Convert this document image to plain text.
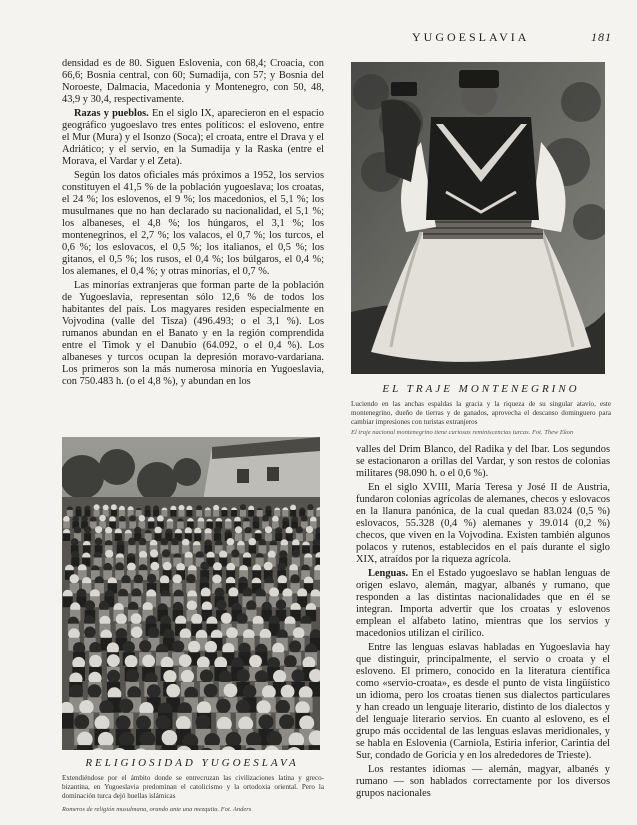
YUGOESLAVIA	181

densidad es de 80. Siguen Eslovenia, con 68,4; Croacia, con 66,6; Bosnia central, con 60; Sumadija, con 57; y Bosnia del Noroeste, Dalmacia, Macedonia y Montenegro, con 50, 48, 43,9 y 30,4, respectivamente.

Razas y pueblos. En el siglo IX, aparecieron en el espacio geográfico yugoeslavo tres entes políticos: el esloveno, entre el Mur (Mura) y el Isonzo (Soca); el croata, entre el Drava y el Adriático; y el servio, en la Sumadija y la Raska (entre el Morava, el Vardar y el Zeta).

Según los datos oficiales más próximos a 1952, los servios constituyen el 41,5 % de la población yugoeslava; los croatas, el 24 %; los eslovenos, el 9 %; los macedonios, el 5,1 %; los musulmanes que no han declarado su nacionalidad, el 5,1 %; los albaneses, el 4,8 %; los húngaros, el 3,1 %; los montenegrinos, el 2,7 %; los valacos, el 0,7 %; los turcos, el 0,6 %; los eslovacos, el 0,5 %; los italianos, el 0,5 %; los gitanos, el 0,5 %; los rusos, el 0,4 %; los búlgaros, el 0,4 %; los alemanes, el 0,4 %; y otras minorías, el 0,7 %.

Las minorías extranjeras que forman parte de la población de Yugoeslavia, representan sólo 12,6 % de todos los habitantes del país. Los magyares residen especialmente en Vojvodina (valle del Tisza) (496.493; o el 3,1 %). Los rumanos abundan en el Banato y en la región comprendida entre el Timok y el Danubio (64.092, o el 0,4 %). Los albaneses y turcos ocupan la depresión moravo-vardariana. Los primeros son la más numerosa minoría en Yugoeslavia, con 750.483 h. (o el 4,8 %), y abundan en los

EL TRAJE MONTENEGRINO
Luciendo en las anchas espaldas la gracia y la riqueza de su singular atavío, este montenegrino, dueño de tierras y de ganados, aprovecha el descanso dominguero para cambiar impresiones con turistas extranjeros
El traje nacional montenegrino tiene curiosas reminiscencias turcas. Fot. Thew Ekon
RELIGIOSIDAD YUGOESLAVA
Extendiéndose por el ámbito donde se entrecruzan las civilizaciones latina y greco-bizantina, en Yugoeslavia predominan el catolicismo y la ortodoxia oriental. Pero la dominación turca dejó huellas islámicas
Romeros de religión musulmana, orando ante una mezquita. Fot. Anders

valles del Drim Blanco, del Radika y del Ibar. Los segundos se estacionaron a orillas del Vardar, y son restos de colonias militares (98.090 h. o el 0,6 %).

En el siglo XVIII, María Teresa y José II de Austria, fundaron colonias agrícolas de alemanes, checos y eslovacos en la llanura panónica, de la cual quedan 83.024 (0,5 %) eslovacos, 55.328 (0,4 %) alemanes y 39.014 (0,2 %) checos, que viven en la Vojvodina. Existen también algunos polacos y rutenos, establecidos en el país durante el siglo XIX, atraídos por la riqueza agrícola.

Lenguas. En el Estado yugoeslavo se hablan lenguas de origen eslavo, alemán, magyar, albanés y rumano, que responden a las distintas nacionalidades que en él se integran. Importa advertir que los croatas y eslovenos emplean el alfabeto latino, mientras que los servios y macedonios utilizan el cirílico.

Entre las lenguas eslavas habladas en Yugoeslavia hay que distinguir, principalmente, el servio o croata y el esloveno. El primero, conocido en la literatura científica como «servio-croata», es desde el punto de vista lingüístico un idioma, pero los croatas tienen sus dialectos particulares y han creado un lenguaje literario, distinto de los dialectos y del lenguaje literario servios. En cuanto al esloveno, es el grupo más occidental de las lenguas eslavas meridionales, y se habla en Eslovenia (Carniola, Estiria inferior, Carintia del Sur, condado de Goricia y en los alrededores de Trieste).

Los restantes idiomas — alemán, magyar, albanés y rumano — son hablados correctamente por los diversos grupos nacionales
